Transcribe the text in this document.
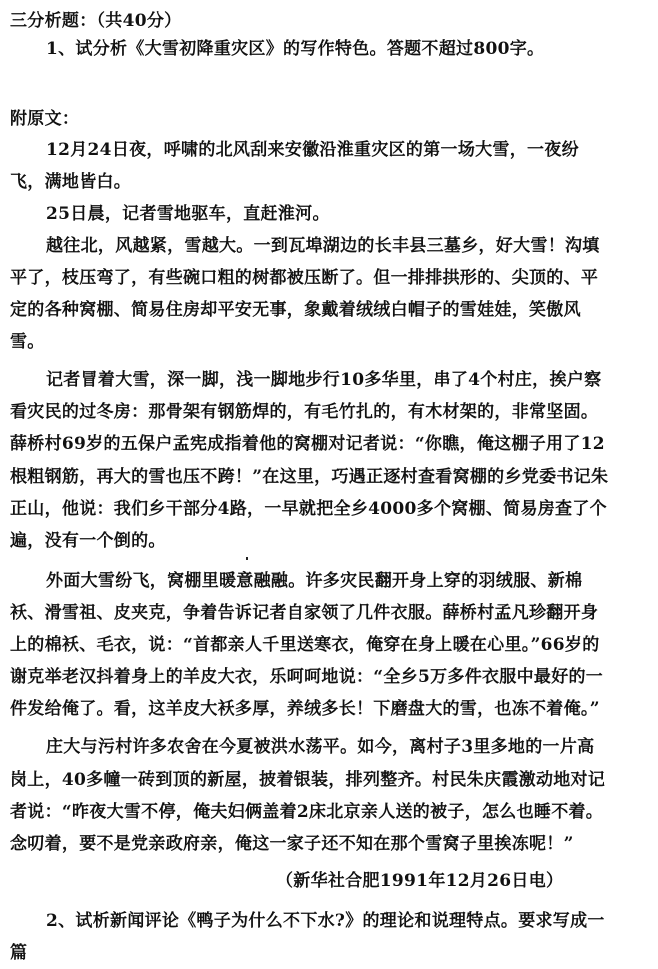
三分析题：（共40分）
1、试分析《大雪初降重灾区》的写作特色。答题不超过800字。
附原文：
12月24日夜，呼啸的北风刮来安徽沿淮重灾区的第一场大雪，一夜纷
飞，满地皆白。
25日晨，记者雪地驱车，直赶淮河。
越往北，风越紧，雪越大。一到瓦埠湖边的长丰县三墓乡，好大雪！沟填
平了，枝压弯了，有些碗口粗的树都被压断了。但一排排拱形的、尖顶的、平
定的各种窝棚、简易住房却平安无事，象戴着绒绒白帽子的雪娃娃，笑傲风
雪。
记者冒着大雪，深一脚，浅一脚地步行10多华里，串了4个村庄，挨户察
看灾民的过冬房：那骨架有钢筋焊的，有毛竹扎的，有木材架的，非常坚固。
薛桥村69岁的五保户孟宪成指着他的窝棚对记者说：“你瞧，俺这棚子用了12
根粗钢筋，再大的雪也压不跨！”在这里，巧遇正逐村查看窝棚的乡党委书记朱
正山，他说：我们乡干部分4路，一早就把全乡4000多个窝棚、简易房查了个
遍，没有一个倒的。
外面大雪纷飞，窝棚里暖意融融。许多灾民翻开身上穿的羽绒服、新棉
袄、滑雪祖、皮夹克，争着告诉记者自家领了几件衣服。薛桥村孟凡珍翻开身
上的棉袄、毛衣，说：“首都亲人千里送寒衣，俺穿在身上暖在心里。”66岁的
谢克举老汉抖着身上的羊皮大衣，乐呵呵地说：“全乡5万多件衣服中最好的一
件发给俺了。看，这羊皮大袄多厚，养绒多长！下磨盘大的雪，也冻不着俺。”
庄大与污村许多农舍在今夏被洪水荡平。如今，离村子3里多地的一片高
岗上，40多幢一砖到顶的新屋，披着银装，排列整齐。村民朱庆霞激动地对记
者说：“昨夜大雪不停，俺夫妇俩盖着2床北京亲人送的被子，怎么也睡不着。
念叨着，要不是党亲政府亲，俺这一家子还不知在那个雪窝子里挨冻呢！”
（新华社合肥1991年12月26日电）
2、试析新闻评论《鸭子为什么不下水?》的理论和说理特点。要求写成一
篇
